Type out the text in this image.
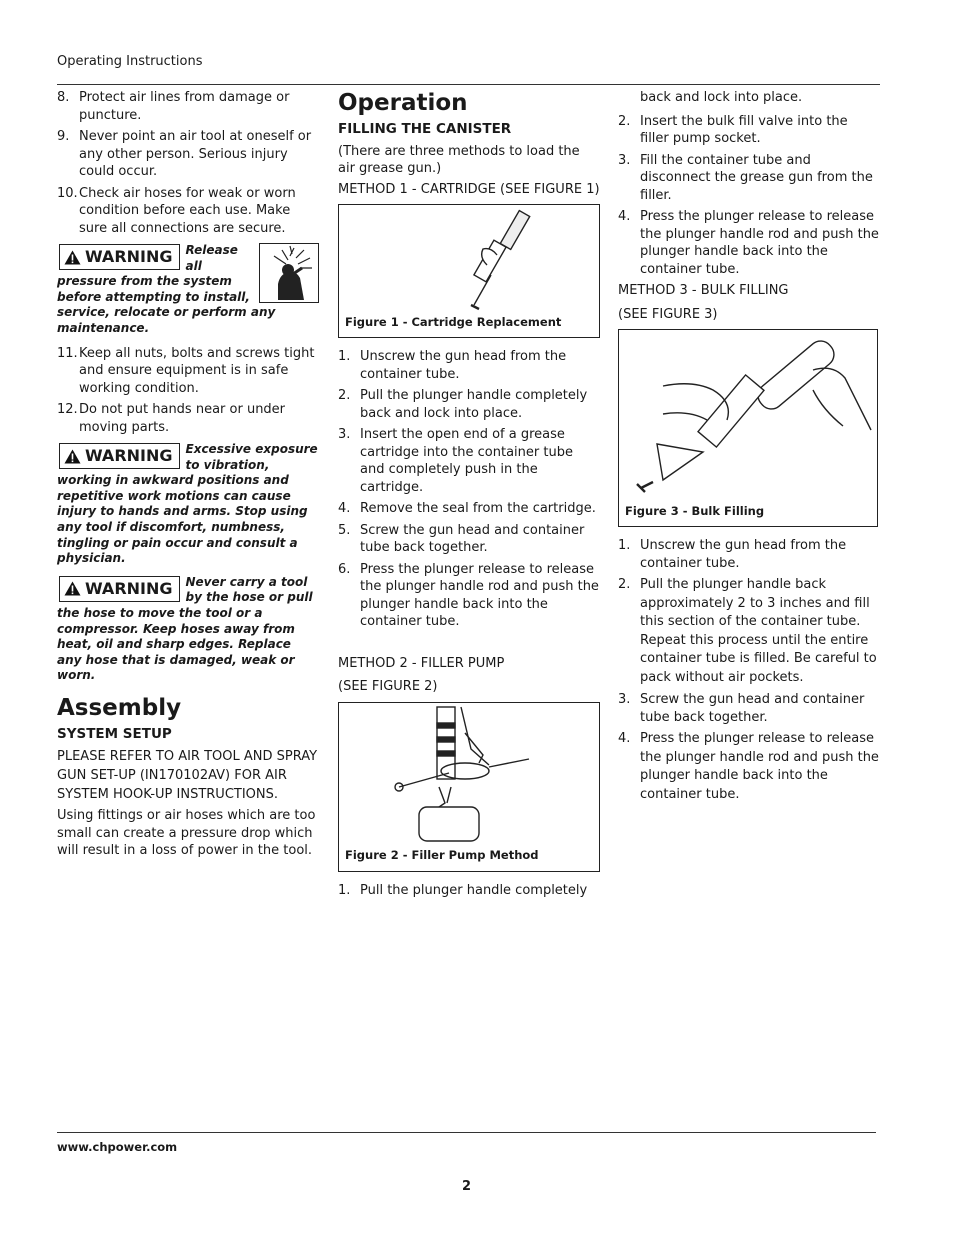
Operating Instructions
8. Protect air lines from damage or puncture.
9. Never point an air tool at oneself or any other person. Serious injury could occur.
10. Check air hoses for weak or worn condition before each use. Make sure all connections are secure.
WARNING	Release all pressure from the system before attempting to install, service, relocate or perform any maintenance.
11. Keep all nuts, bolts and screws tight and ensure equipment is in safe working condition.
12. Do not put hands near or under moving parts.
WARNING	Excessive exposure to vibration, working in awkward positions and repetitive work motions can cause injury to hands and arms. Stop using any tool if discomfort, numbness, tingling or pain occur and consult a physician.
WARNING	Never carry a tool by the hose or pull the hose to move the tool or a compressor. Keep hoses away from heat, oil and sharp edges. Replace any hose that is damaged, weak or worn.
Assembly
SYSTEM SETUP

PLEASE REFER TO AIR TOOL AND SPRAY GUN SET-UP (IN170102AV) FOR AIR SYSTEM HOOK-UP INSTRUCTIONS.

Using fittings or air hoses which are too small can create a pressure drop which will result in a loss of power in the tool.

Operation
FILLING THE CANISTER

(There are three methods to load the air grease gun.)

METHOD 1 - CARTRIDGE (SEE FIGURE 1)

Figure 1 - Cartridge Replacement
1. Unscrew the gun head from the container tube.
2. Pull the plunger handle completely back and lock into place.
3. Insert the open end of a grease cartridge into the container tube and completely push in the cartridge.
4. Remove the seal from the cartridge.
5. Screw the gun head and container tube back together.
6. Press the plunger release to release the plunger handle rod and push the plunger handle back into the container tube.

METHOD 2 - FILLER PUMP

(SEE FIGURE 2)

Figure 2 - Filler Pump Method
1. Pull the plunger handle completely

back and lock into place.

2. Insert the bulk fill valve into the filler pump socket.
3. Fill the container tube and disconnect the grease gun from the filler.
4. Press the plunger release to release the plunger handle rod and push the plunger handle back into the container tube.

METHOD 3 - BULK FILLING

(SEE FIGURE 3)

Figure 3 - Bulk Filling
1. Unscrew the gun head from the container tube.
2. Pull the plunger handle back approximately 2 to 3 inches and fill this section of the container tube. Repeat this process until the entire container tube is filled. Be careful to pack without air pockets.
3. Screw the gun head and container tube back together.
4. Press the plunger release to release the plunger handle rod and push the plunger handle back into the container tube.
www.chpower.com
2
